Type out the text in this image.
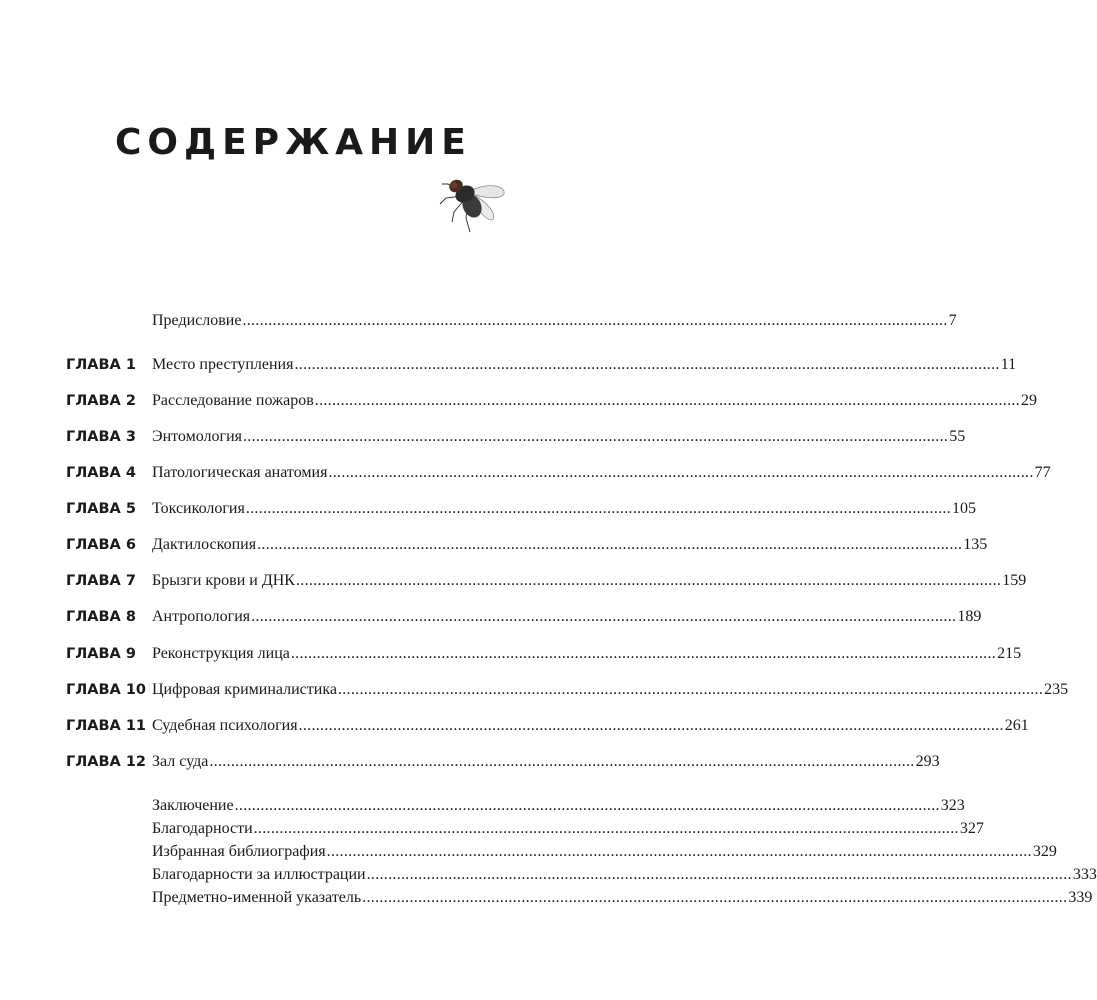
СОДЕРЖАНИЕ
Предисловие .....	7
ГЛАВА 1	Место преступления .....	11
ГЛАВА 2	Расследование пожаров .....	29
ГЛАВА 3	Энтомология .....	55
ГЛАВА 4	Патологическая анатомия .....	77
ГЛАВА 5	Токсикология .....	105
ГЛАВА 6	Дактилоскопия .....	135
ГЛАВА 7	Брызги крови и ДНК .....	159
ГЛАВА 8	Антропология .....	189
ГЛАВА 9	Реконструкция лица .....	215
ГЛАВА 10 Цифровая криминалистика .....	235
ГЛАВА 11 Судебная психология .....	261
ГЛАВА 12 Зал суда .....	293
Заключение .....	323
Благодарности .....	327
Избранная библиография .....	329
Благодарности за иллюстрации .....	333
Предметно-именной указатель .....	339
